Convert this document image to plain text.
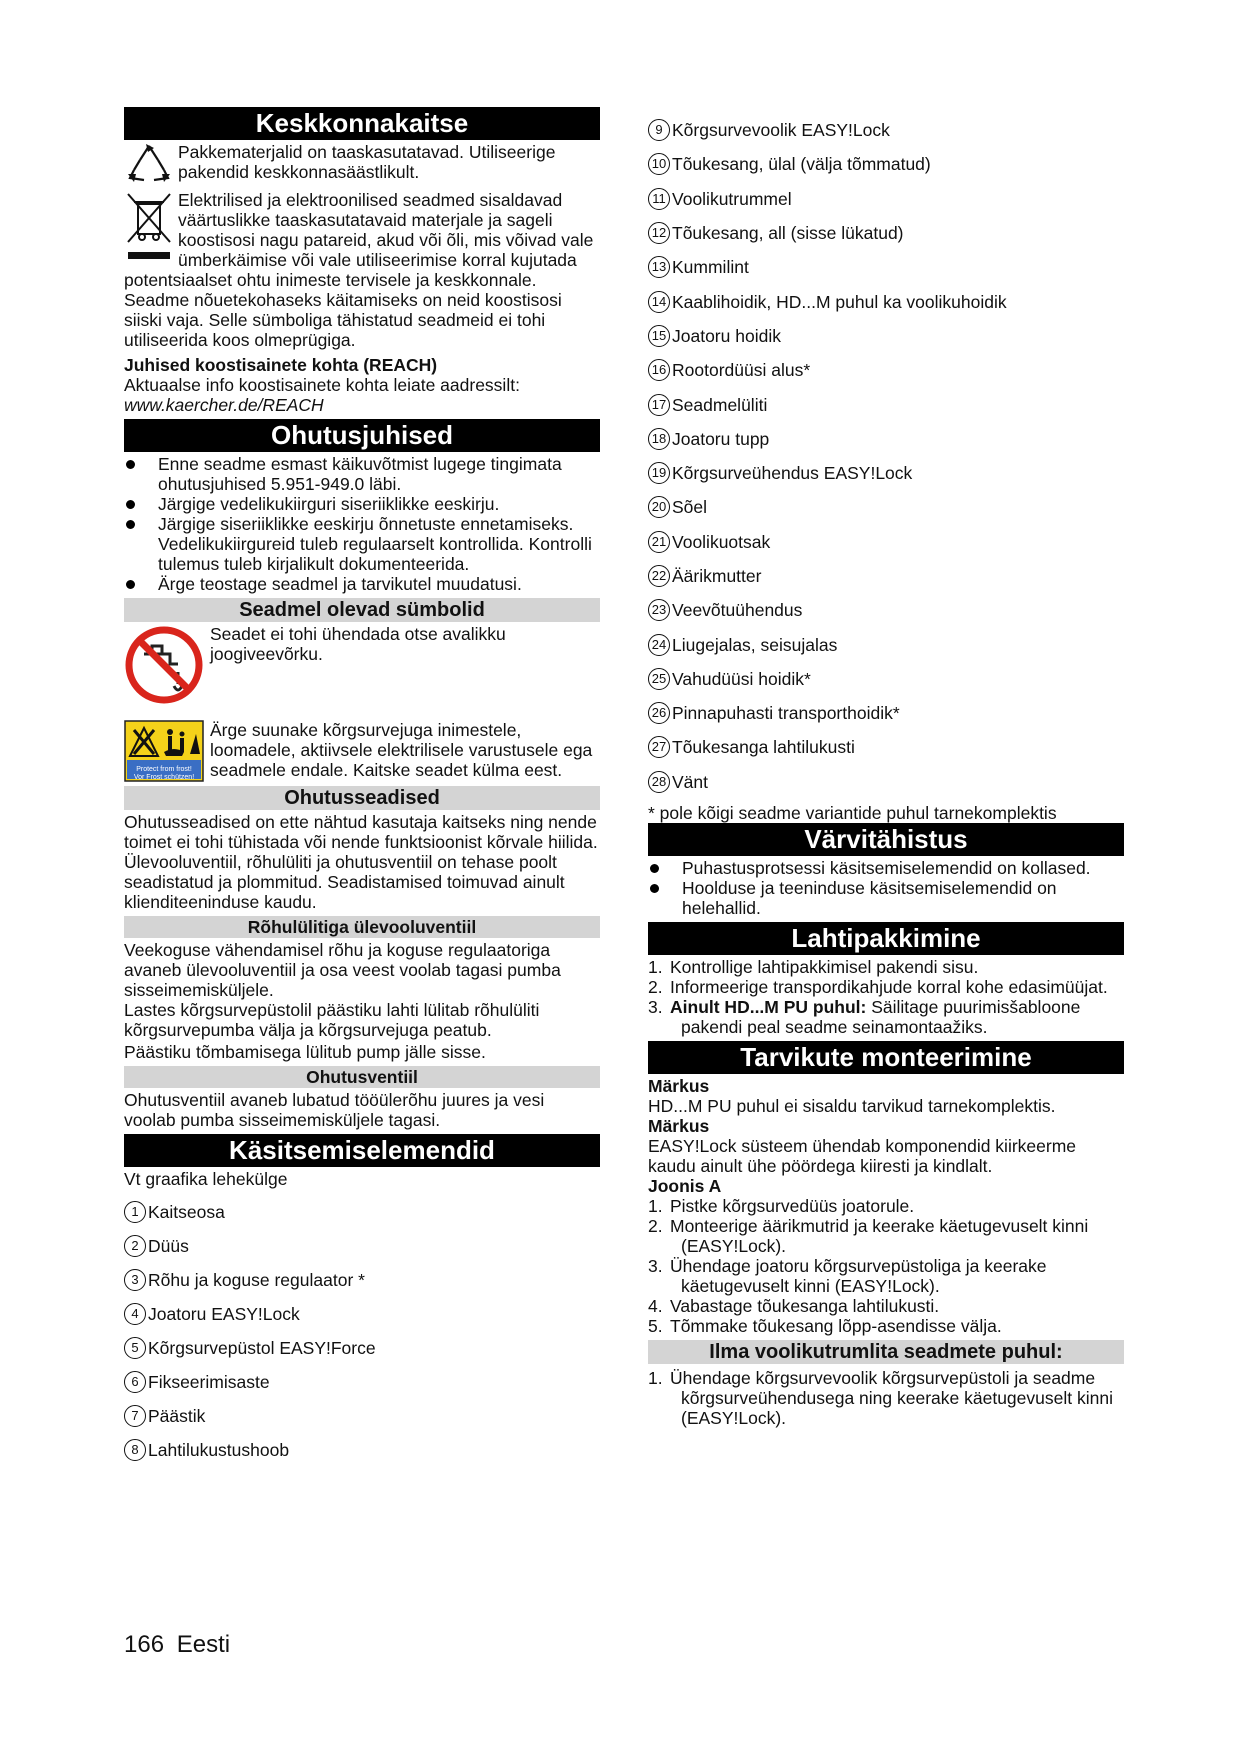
Keskkonnakaitse

Pakkematerjalid on taaskasutatavad. Utiliseerige pakendid keskkonnasäästlikult.

Elektrilised ja elektroonilised seadmed sisaldavad väärtuslikke taaskasutatavaid materjale ja sageli koostisosi nagu patareid, akud või õli, mis võivad vale ümberkäimise või vale utiliseerimise korral kujutada potentsiaalset ohtu inimeste tervisele ja keskkonnale. Seadme nõuetekohaseks käitamiseks on neid koostisosi siiski vaja. Selle sümboliga tähistatud seadmeid ei tohi utiliseerida koos olmeprügiga.

Juhised koostisainete kohta (REACH)

Aktuaalse info koostisainete kohta leiate aadressilt:

www.kaercher.de/REACH

Ohutusjuhised
Enne seadme esmast käikuvõtmist lugege tingimata ohutusjuhised 5.951-949.0 läbi.
Järgige vedelikukiirguri siseriiklikke eeskirju.
Järgige siseriiklikke eeskirju õnnetuste ennetamiseks. Vedelikukiirgureid tuleb regulaarselt kontrollida. Kontrolli tulemus tuleb kirjalikult dokumenteerida.
Ärge teostage seadmel ja tarvikutel muudatusi.
Seadmel olevad sümbolid

Seadet ei tohi ühendada otse avalikku joogiveevõrku.

Protect from frost!
Vor Frost schützen!

Ärge suunake kõrgsurvejuga inimestele, loomadele, aktiivsele elektrilisele varustusele ega seadmele endale. Kaitske seadet külma eest.

Ohutusseadised

Ohutusseadised on ette nähtud kasutaja kaitseks ning nende toimet ei tohi tühistada või nende funktsioonist kõrvale hiilida.

Ülevooluventiil, rõhulüliti ja ohutusventiil on tehase poolt seadistatud ja plommitud. Seadistamised toimuvad ainult klienditeeninduse kaudu.

Rõhulülitiga ülevooluventiil

Veekoguse vähendamisel rõhu ja koguse regulaatoriga avaneb ülevooluventiil ja osa veest voolab tagasi pumba sisseimemisküljele.

Lastes kõrgsurvepüstolil päästiku lahti lülitab rõhulüliti kõrgsurvepumba välja ja kõrgsurvejuga peatub.

Päästiku tõmbamisega lülitub pump jälle sisse.

Ohutusventiil

Ohutusventiil avaneb lubatud tööülerõhu juures ja vesi voolab pumba sisseimemisküljele tagasi.

Käsitsemiselemendid

Vt graafika lehekülge

1 Kaitseosa
2 Düüs
3 Rõhu ja koguse regulaator *
4 Joatoru EASY!Lock
5 Kõrgsurvepüstol EASY!Force
6 Fikseerimisaste
7 Päästik
8 Lahtilukustushoob
9 Kõrgsurvevoolik EASY!Lock
10 Tõukesang, ülal (välja tõmmatud)
11 Voolikutrummel
12 Tõukesang, all (sisse lükatud)
13 Kummilint
14 Kaablihoidik, HD...M puhul ka voolikuhoidik
15 Joatoru hoidik
16 Rootordüüsi alus*
17 Seadmelüliti
18 Joatoru tupp
19 Kõrgsurveühendus EASY!Lock
20 Sõel
21 Voolikuotsak
22 Äärikmutter
23 Veevõtuühendus
24 Liugejalas, seisujalas
25 Vahudüüsi hoidik*
26 Pinnapuhasti transporthoidik*
27 Tõukesanga lahtilukusti
28 Vänt

* pole kõigi seadme variantide puhul tarnekomplektis

Värvitähistus
Puhastusprotsessi käsitsemiselemendid on kollased.
Hoolduse ja teeninduse käsitsemiselemendid on helehallid.
Lahtipakkimine
1. Kontrollige lahtipakkimisel pakendi sisu.
2. Informeerige transpordikahjude korral kohe edasimüüjat.
3. Ainult HD...M PU puhul: Säilitage puurimisšabloone pakendi peal seadme seinamontaažiks.
Tarvikute monteerimine

Märkus

HD...M PU puhul ei sisaldu tarvikud tarnekomplektis.

Märkus

EASY!Lock süsteem ühendab komponendid kiirkeerme kaudu ainult ühe pöördega kiiresti ja kindlalt.

Joonis A

1. Pistke kõrgsurvedüüs joatorule.
2. Monteerige äärikmutrid ja keerake käetugevuselt kinni (EASY!Lock).
3. Ühendage joatoru kõrgsurvepüstoliga ja keerake käetugevuselt kinni (EASY!Lock).
4. Vabastage tõukesanga lahtilukusti.
5. Tõmmake tõukesang lõpp-asendisse välja.
Ilma voolikutrumlita seadmete puhul:
1. Ühendage kõrgsurvevoolik kõrgsurvepüstoli ja seadme kõrgsurveühendusega ning keerake käetugevuselt kinni (EASY!Lock).
166 Eesti
